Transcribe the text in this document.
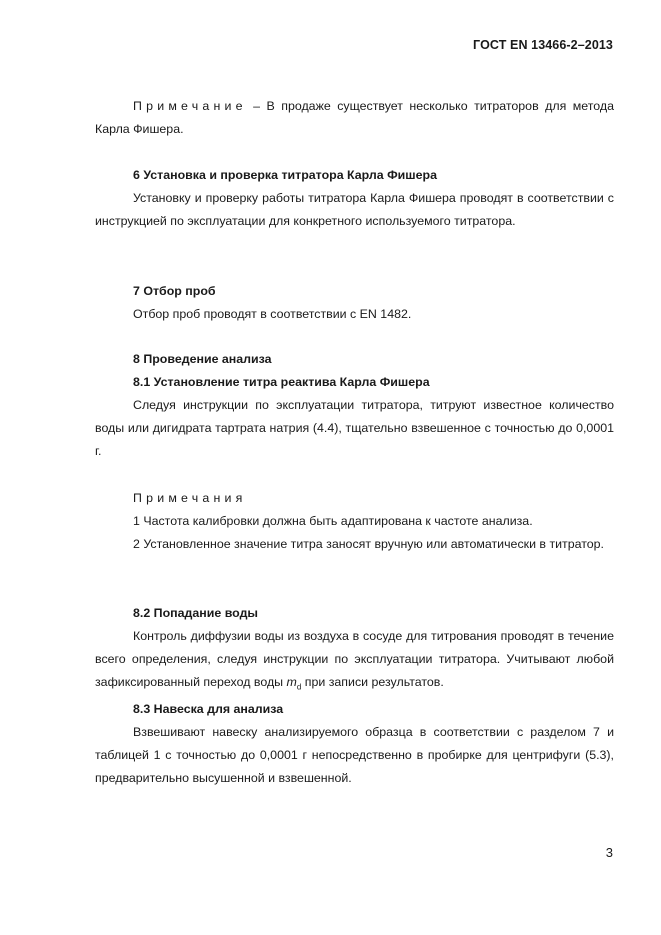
ГОСТ EN 13466-2–2013

Примечание – В продаже существует несколько титраторов для метода Карла Фишера.

6 Установка и проверка титратора Карла Фишера

Установку и проверку работы титратора Карла Фишера проводят в соответствии с инструкцией по эксплуатации для конкретного используемого титратора.

7 Отбор проб

Отбор проб проводят в соответствии с EN 1482.

8 Проведение анализа

8.1 Установление титра реактива Карла Фишера

Следуя инструкции по эксплуатации титратора, титруют известное количество воды или дигидрата тартрата натрия (4.4), тщательно взвешенное с точностью до 0,0001 г.

Примечания

1 Частота калибровки должна быть адаптирована к частоте анализа.

2 Установленное значение титра заносят вручную или автоматически в титратор.

8.2 Попадание воды

Контроль диффузии воды из воздуха в сосуде для титрования проводят в течение всего определения, следуя инструкции по эксплуатации титратора. Учитывают любой зафиксированный переход воды $m_d$ при записи результатов.

8.3 Навеска для анализа

Взвешивают навеску анализируемого образца в соответствии с разделом 7 и таблицей 1 с точностью до 0,0001 г непосредственно в пробирке для центрифуги (5.3), предварительно высушенной и взвешенной.

3
